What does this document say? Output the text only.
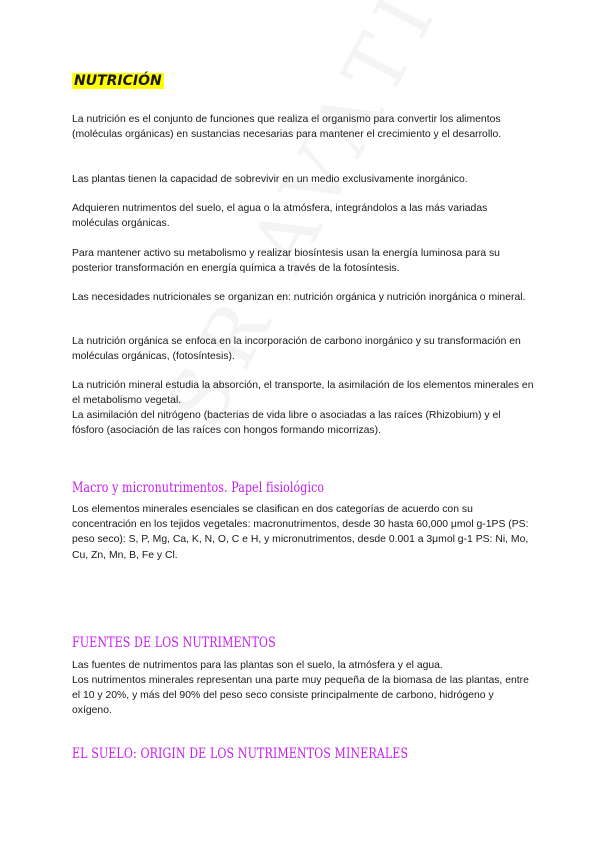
NUTRICIÓN

La nutrición es el conjunto de funciones que realiza el organismo para convertir los alimentos (moléculas orgánicas) en sustancias necesarias para mantener el crecimiento y el desarrollo.

Las plantas tienen la capacidad de sobrevivir en un medio exclusivamente inorgánico.

Adquieren nutrimentos del suelo, el agua o la atmósfera, integrándolos a las más variadas moléculas orgánicas.

Para mantener activo su metabolismo y realizar biosíntesis usan la energía luminosa para su posterior transformación en energía química a través de la fotosíntesis.

Las necesidades nutricionales se organizan en: nutrición orgánica y nutrición inorgánica o mineral.

La nutrición orgánica se enfoca en la incorporación de carbono inorgánico y su transformación en moléculas orgánicas, (fotosíntesis).

La nutrición mineral estudia la absorción, el transporte, la asimilación de los elementos minerales en el metabolismo vegetal.

La asimilación del nitrógeno (bacterias de vida libre o asociadas a las raíces (Rhizobium) y el fósforo (asociación de las raíces con hongos formando micorrizas).

Macro y micronutrimentos. Papel fisiológico

Los elementos minerales esenciales se clasifican en dos categorías de acuerdo con su concentración en los tejidos vegetales: macronutrimentos, desde 30 hasta 60,000 μmol g-1PS (PS: peso seco): S, P, Mg, Ca, K, N, O, C e H, y micronutrimentos, desde 0.001 a 3μmol g-1 PS: Ni, Mo, Cu, Zn, Mn, B, Fe y Cl.

FUENTES DE LOS NUTRIMENTOS

Las fuentes de nutrimentos para las plantas son el suelo, la atmósfera y el agua.

Los nutrimentos minerales representan una parte muy pequeña de la biomasa de las plantas, entre el 10 y 20%, y más del 90% del peso seco consiste principalmente de carbono, hidrógeno y oxígeno.

EL SUELO: ORIGIN DE LOS NUTRIMENTOS MINERALES
